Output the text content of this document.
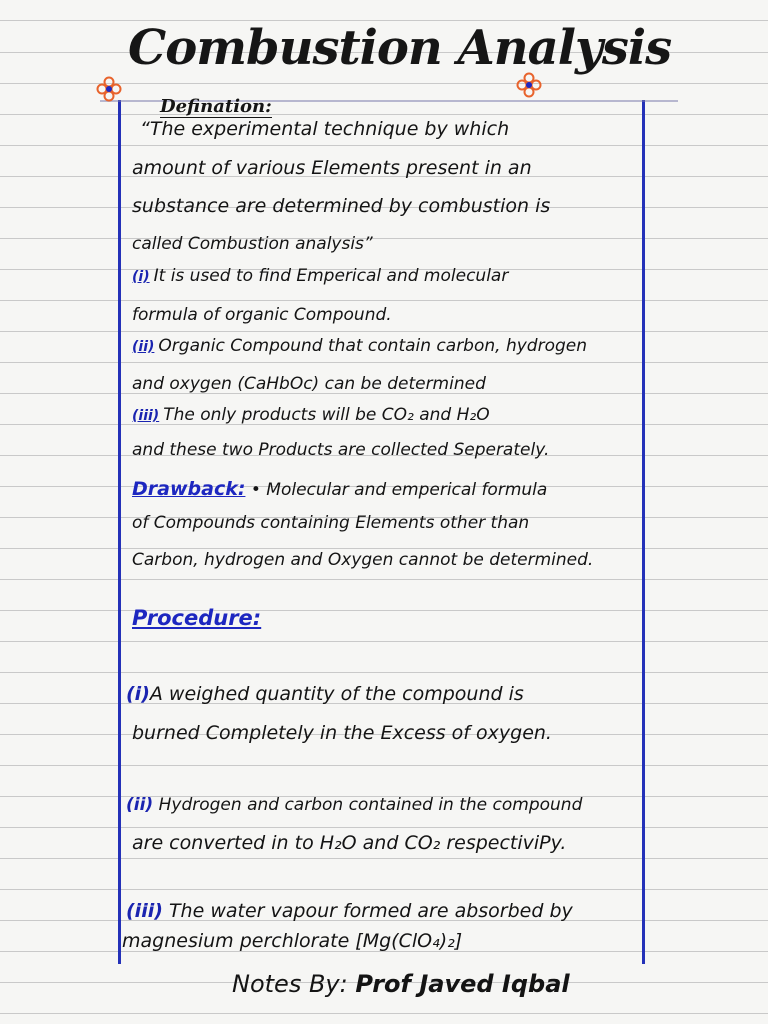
Combustion Analysis
Defination:
“The experimental technique by which
amount of various Elements present in an
substance are determined by combustion is
called Combustion analysis”
(i) It is used to find Emperical and molecular
formula of organic Compound.
(ii) Organic Compound that contain carbon, hydrogen
and oxygen (CaHbOc) can be determined
(iii) The only products will be CO₂ and H₂O
and these two Products are collected Seperately.
Drawback: • Molecular and emperical formula
of Compounds containing Elements other than
Carbon, hydrogen and Oxygen cannot be determined.
Procedure:
(i)A weighed quantity of the compound is
burned Completely in the Excess of oxygen.
(ii) Hydrogen and carbon contained in the compound
are converted in to H₂O and CO₂ respectiviPy.
(iii) The water vapour formed are absorbed by
magnesium perchlorate [Mg(ClO₄)₂]
Notes By: Prof Javed Iqbal
